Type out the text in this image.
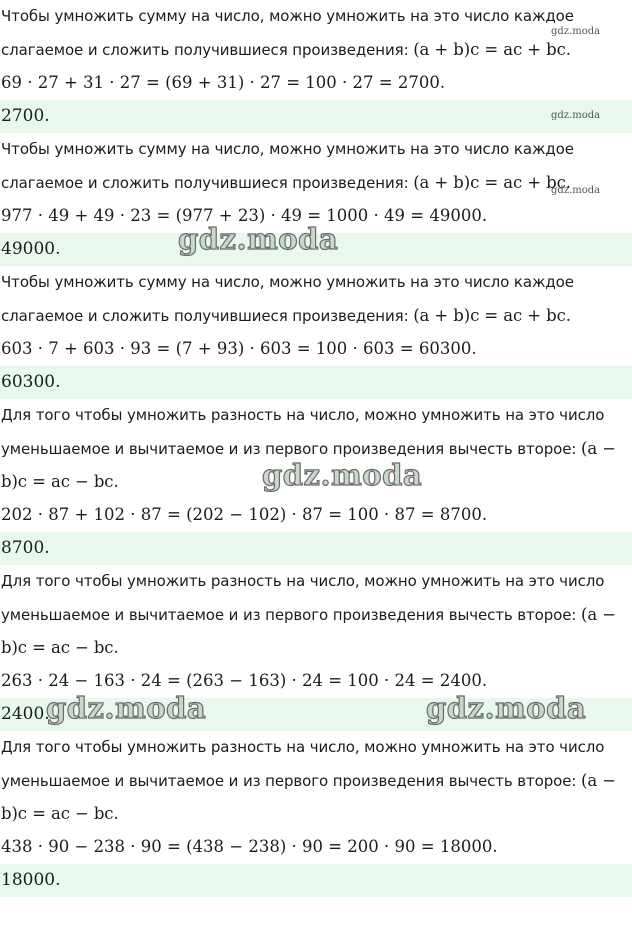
Чтобы умножить сумму на число, можно умножить на это число каждое
слагаемое и сложить получившиеся произведения: (a + b)c = ac + bc.
69 · 27 + 31 · 27 = (69 + 31) · 27 = 100 · 27 = 2700.
2700.
Чтобы умножить сумму на число, можно умножить на это число каждое
слагаемое и сложить получившиеся произведения: (a + b)c = ac + bc.
977 · 49 + 49 · 23 = (977 + 23) · 49 = 1000 · 49 = 49000.
49000.
Чтобы умножить сумму на число, можно умножить на это число каждое
слагаемое и сложить получившиеся произведения: (a + b)c = ac + bc.
603 · 7 + 603 · 93 = (7 + 93) · 603 = 100 · 603 = 60300.
60300.
Для того чтобы умножить разность на число, можно умножить на это число
уменьшаемое и вычитаемое и из первого произведения вычесть второе: (a −
b)c = ac − bc.
202 · 87 + 102 · 87 = (202 − 102) · 87 = 100 · 87 = 8700.
8700.
Для того чтобы умножить разность на число, можно умножить на это число
уменьшаемое и вычитаемое и из первого произведения вычесть второе: (a −
b)c = ac − bc.
263 · 24 − 163 · 24 = (263 − 163) · 24 = 100 · 24 = 2400.
2400.
Для того чтобы умножить разность на число, можно умножить на это число
уменьшаемое и вычитаемое и из первого произведения вычесть второе: (a −
b)c = ac − bc.
438 · 90 − 238 · 90 = (438 − 238) · 90 = 200 · 90 = 18000.
18000.
gdz.moda
gdz.moda
gdz.moda
gdz.moda
gdz.moda
gdz.moda	gdz.moda
